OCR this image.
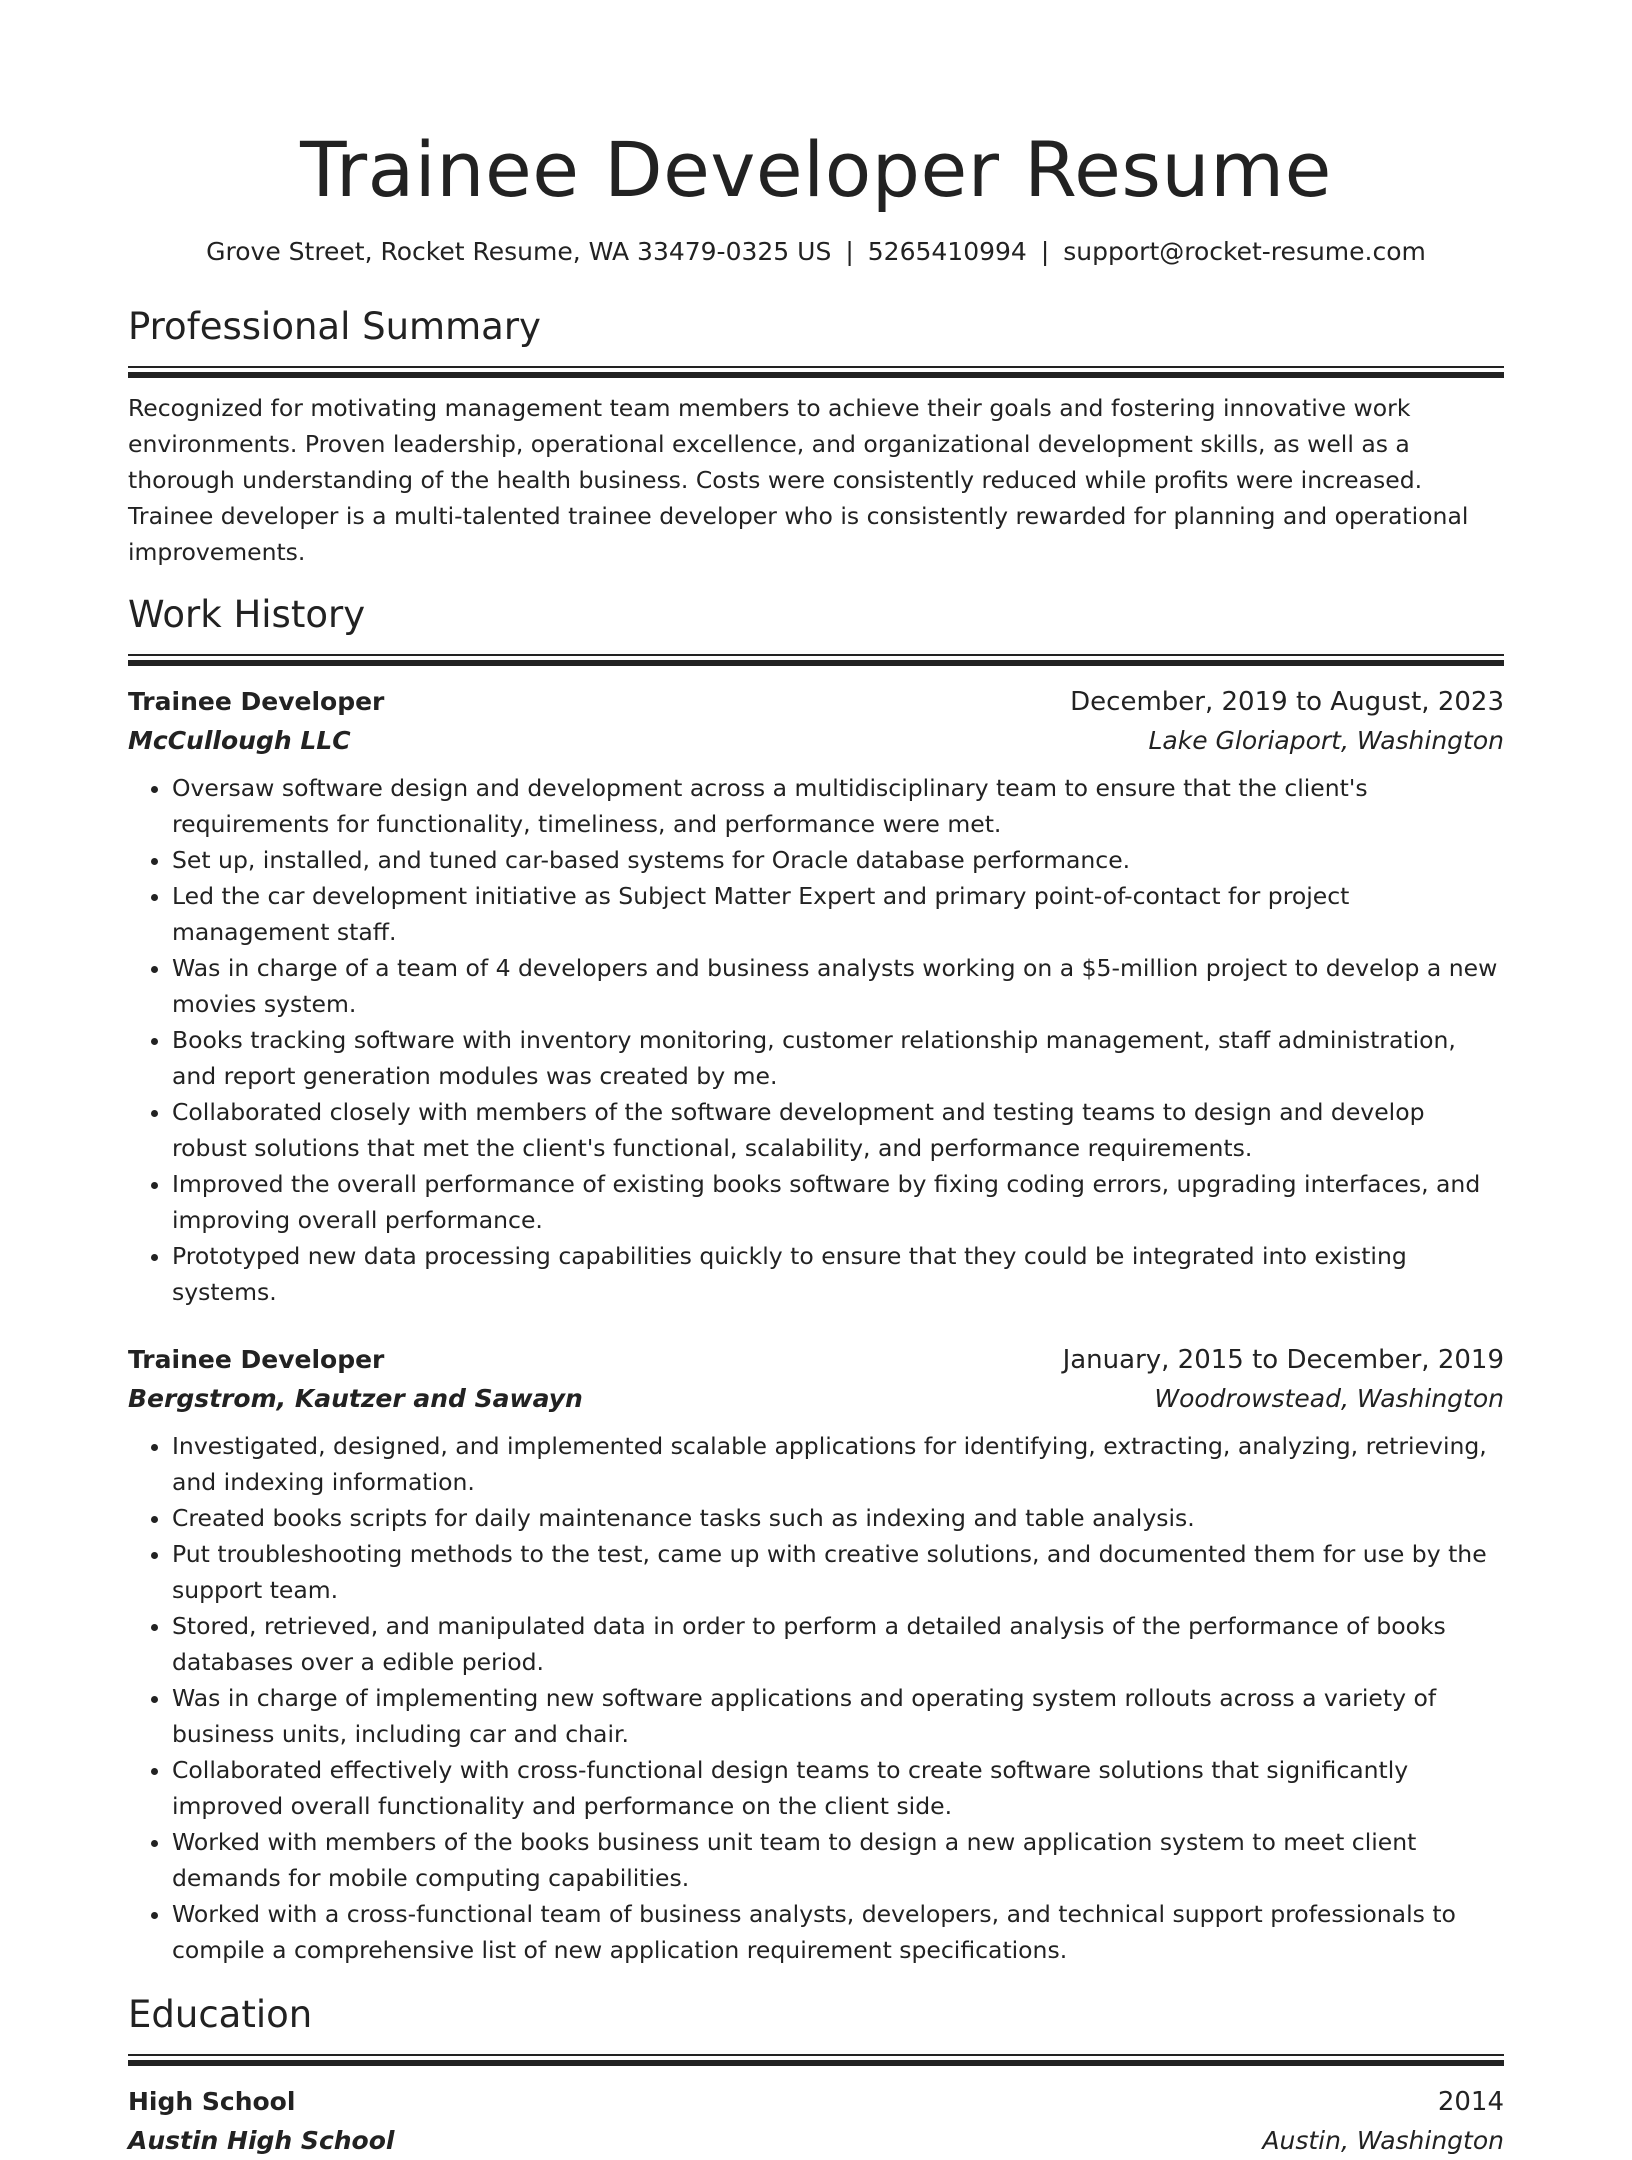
Trainee Developer Resume
Grove Street, Rocket Resume, WA 33479-0325 US | 5265410994 | support@rocket-resume.com
Professional Summary

Recognized for motivating management team members to achieve their goals and fostering innovative work environments. Proven leadership, operational excellence, and organizational development skills, as well as a thorough understanding of the health business. Costs were consistently reduced while profits were increased. Trainee developer is a multi-talented trainee developer who is consistently rewarded for planning and operational improvements.

Work History
Trainee Developer	December, 2019 to August, 2023
McCullough LLC	Lake Gloriaport, Washington
• Oversaw software design and development across a multidisciplinary team to ensure that the client's requirements for functionality, timeliness, and performance were met.
• Set up, installed, and tuned car-based systems for Oracle database performance.
• Led the car development initiative as Subject Matter Expert and primary point-of-contact for project management staff.
• Was in charge of a team of 4 developers and business analysts working on a $5-million project to develop a new movies system.
• Books tracking software with inventory monitoring, customer relationship management, staff administration, and report generation modules was created by me.
• Collaborated closely with members of the software development and testing teams to design and develop robust solutions that met the client's functional, scalability, and performance requirements.
• Improved the overall performance of existing books software by fixing coding errors, upgrading interfaces, and improving overall performance.
• Prototyped new data processing capabilities quickly to ensure that they could be integrated into existing systems.
Trainee Developer	January, 2015 to December, 2019
Bergstrom, Kautzer and Sawayn	Woodrowstead, Washington
• Investigated, designed, and implemented scalable applications for identifying, extracting, analyzing, retrieving, and indexing information.
• Created books scripts for daily maintenance tasks such as indexing and table analysis.
• Put troubleshooting methods to the test, came up with creative solutions, and documented them for use by the support team.
• Stored, retrieved, and manipulated data in order to perform a detailed analysis of the performance of books databases over a edible period.
• Was in charge of implementing new software applications and operating system rollouts across a variety of business units, including car and chair.
• Collaborated effectively with cross-functional design teams to create software solutions that significantly improved overall functionality and performance on the client side.
• Worked with members of the books business unit team to design a new application system to meet client demands for mobile computing capabilities.
• Worked with a cross-functional team of business analysts, developers, and technical support professionals to compile a comprehensive list of new application requirement specifications.
Education
High School	2014
Austin High School	Austin, Washington
